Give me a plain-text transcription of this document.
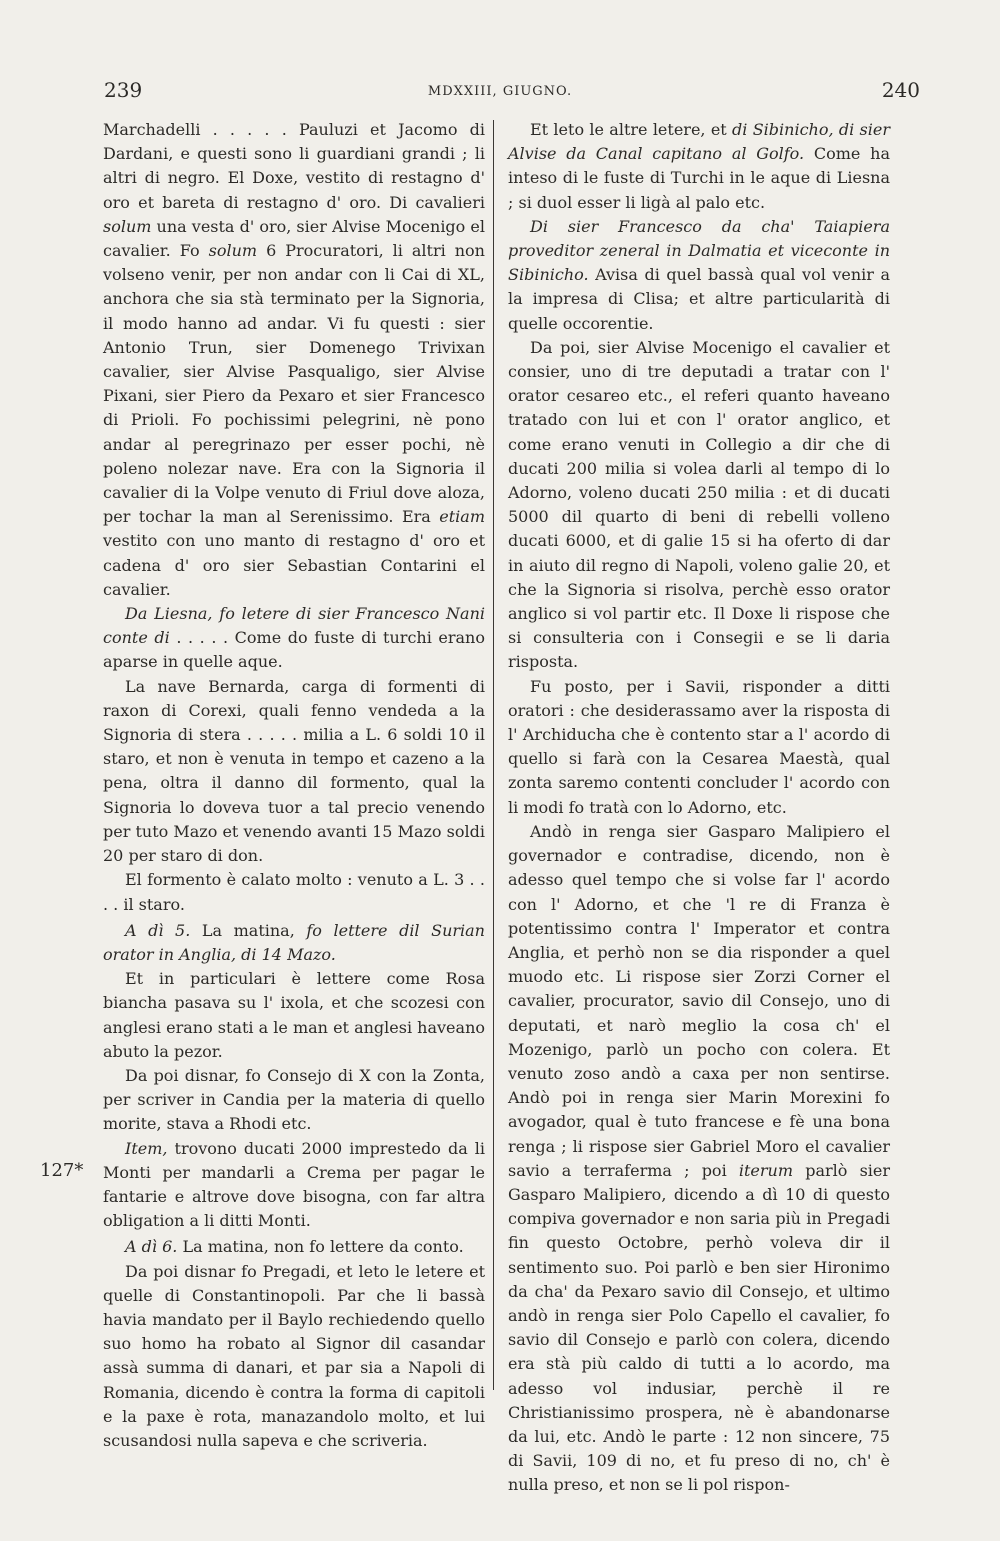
239	MDXXIII, GIUGNO.	240
127*

Marchadelli . . . . . Pauluzi et Jacomo di Dardani, e questi sono li guardiani grandi ; li altri di negro. El Doxe, vestito di restagno d' oro et bareta di restagno d' oro. Di cavalieri solum una vesta d' oro, sier Alvise Mocenigo el cavalier. Fo solum 6 Procuratori, li altri non volseno venir, per non andar con li Cai di XL, anchora che sia stà terminato per la Signoria, il modo hanno ad andar. Vi fu questi : sier Antonio Trun, sier Domenego Trivixan cavalier, sier Alvise Pasqualigo, sier Alvise Pixani, sier Piero da Pexaro et sier Francesco di Prioli. Fo pochissimi pelegrini, nè pono andar al peregrinazo per esser pochi, nè poleno nolezar nave. Era con la Signoria il cavalier di la Volpe venuto di Friul dove aloza, per tochar la man al Serenissimo. Era etiam vestito con uno manto di restagno d' oro et cadena d' oro sier Sebastian Contarini el cavalier.

Da Liesna, fo letere di sier Francesco Nani conte di . . . . . Come do fuste di turchi erano aparse in quelle aque.

La nave Bernarda, carga di formenti di raxon di Corexi, quali fenno vendeda a la Signoria di stera . . . . . milia a L. 6 soldi 10 il staro, et non è venuta in tempo et cazeno a la pena, oltra il danno dil formento, qual la Signoria lo doveva tuor a tal precio venendo per tuto Mazo et venendo avanti 15 Mazo soldi 20 per staro di don.

El formento è calato molto : venuto a L. 3 . . . . il staro.

A dì 5. La matina, fo lettere dil Surian orator in Anglia, di 14 Mazo.

Et in particulari è lettere come Rosa biancha pasava su l' ixola, et che scozesi con anglesi erano stati a le man et anglesi haveano abuto la pezor.

Da poi disnar, fo Consejo di X con la Zonta, per scriver in Candia per la materia di quello morite, stava a Rhodi etc.

Item, trovono ducati 2000 imprestedo da li Monti per mandarli a Crema per pagar le fantarie e altrove dove bisogna, con far altra obligation a li ditti Monti.

A dì 6. La matina, non fo lettere da conto.

Da poi disnar fo Pregadi, et leto le letere et quelle di Constantinopoli. Par che li bassà havia mandato per il Baylo rechiedendo quello suo homo ha robato al Signor dil casandar assà summa di danari, et par sia a Napoli di Romania, dicendo è contra la forma di capitoli e la paxe è rota, manazandolo molto, et lui scusandosi nulla sapeva e che scriveria.

Et leto le altre letere, et di Sibinicho, di sier Alvise da Canal capitano al Golfo. Come ha inteso di le fuste di Turchi in le aque di Liesna ; si duol esser li ligà al palo etc.

Di sier Francesco da cha' Taiapiera proveditor zeneral in Dalmatia et viceconte in Sibinicho. Avisa di quel bassà qual vol venir a la impresa di Clisa; et altre particularità di quelle occorentie.

Da poi, sier Alvise Mocenigo el cavalier et consier, uno di tre deputadi a tratar con l' orator cesareo etc., el referi quanto haveano tratado con lui et con l' orator anglico, et come erano venuti in Collegio a dir che di ducati 200 milia si volea darli al tempo di lo Adorno, voleno ducati 250 milia : et di ducati 5000 dil quarto di beni di rebelli volleno ducati 6000, et di galie 15 si ha oferto di dar in aiuto dil regno di Napoli, voleno galie 20, et che la Signoria si risolva, perchè esso orator anglico si vol partir etc. Il Doxe li rispose che si consulteria con i Consegii e se li daria risposta.

Fu posto, per i Savii, risponder a ditti oratori : che desiderassamo aver la risposta di l' Archiducha che è contento star a l' acordo di quello si farà con la Cesarea Maestà, qual zonta saremo contenti concluder l' acordo con li modi fo tratà con lo Adorno, etc.

Andò in renga sier Gasparo Malipiero el governador e contradise, dicendo, non è adesso quel tempo che si volse far l' acordo con l' Adorno, et che 'l re di Franza è potentissimo contra l' Imperator et contra Anglia, et perhò non se dia risponder a quel muodo etc. Li rispose sier Zorzi Corner el cavalier, procurator, savio dil Consejo, uno di deputati, et narò meglio la cosa ch' el Mozenigo, parlò un pocho con colera. Et venuto zoso andò a caxa per non sentirse. Andò poi in renga sier Marin Morexini fo avogador, qual è tuto francese e fè una bona renga ; li rispose sier Gabriel Moro el cavalier savio a terraferma ; poi iterum parlò sier Gasparo Malipiero, dicendo a dì 10 di questo compiva governador e non saria più in Pregadi fin questo Octobre, perhò voleva dir il sentimento suo. Poi parlò e ben sier Hironimo da cha' da Pexaro savio dil Consejo, et ultimo andò in renga sier Polo Capello el cavalier, fo savio dil Consejo e parlò con colera, dicendo era stà più caldo di tutti a lo acordo, ma adesso vol indusiar, perchè il re Christianissimo prospera, nè è abandonarse da lui, etc. Andò le parte : 12 non sincere, 75 di Savii, 109 di no, et fu preso di no, ch' è nulla preso, et non se li pol rispon-
